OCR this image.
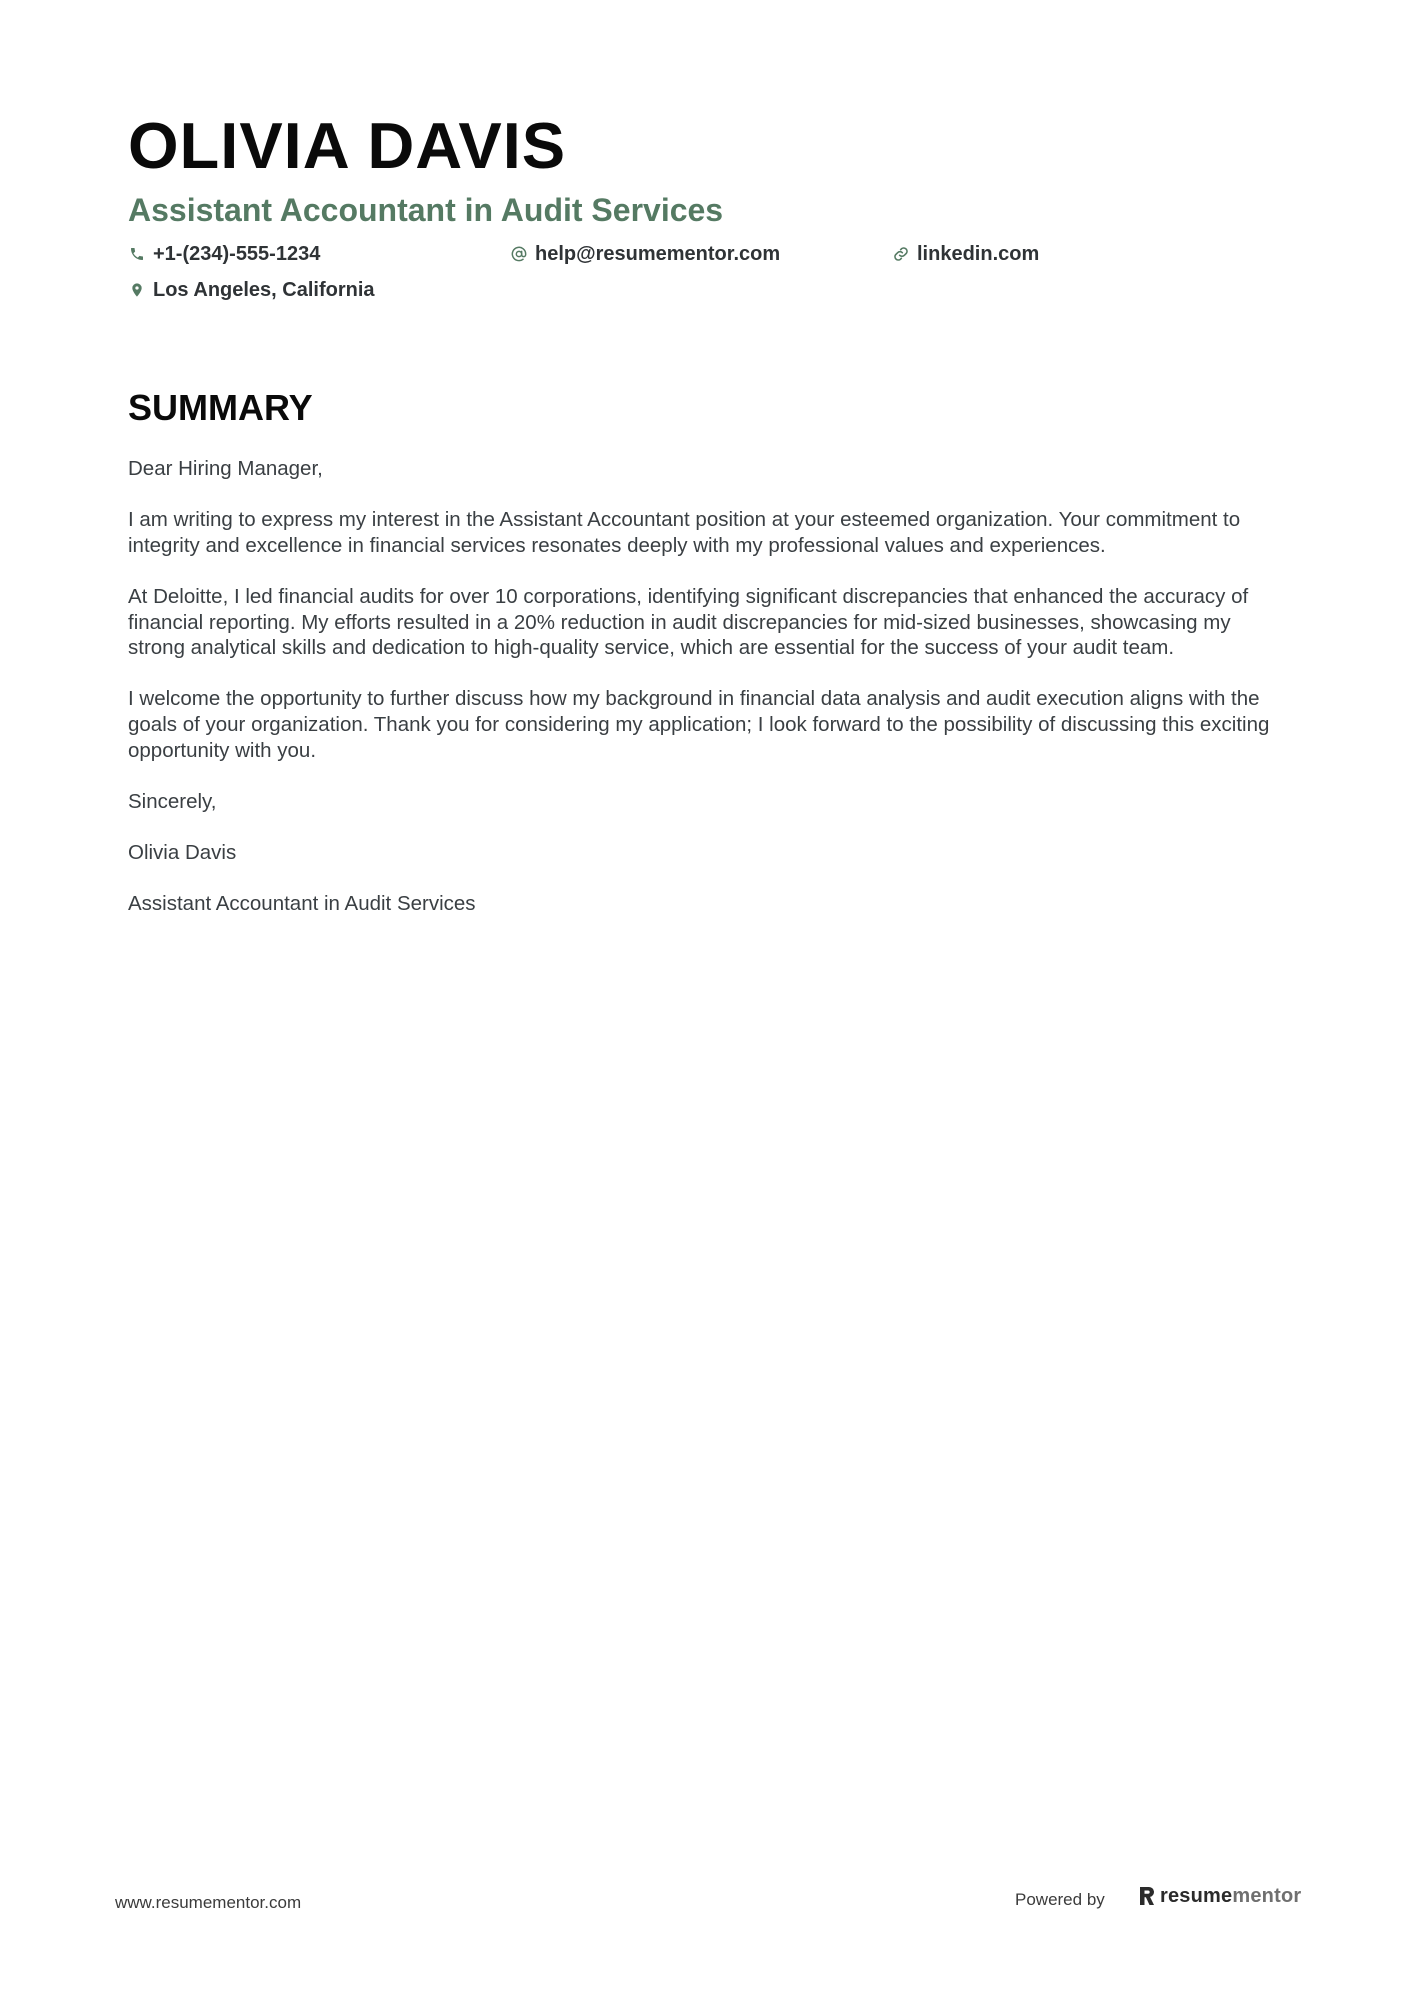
OLIVIA DAVIS
Assistant Accountant in Audit Services
+1-(234)-555-1234	help@resumementor.com	linkedin.com
Los Angeles, California
SUMMARY

Dear Hiring Manager,

I am writing to express my interest in the Assistant Accountant position at your esteemed organization. Your commitment to integrity and excellence in financial services resonates deeply with my professional values and experiences.

At Deloitte, I led financial audits for over 10 corporations, identifying significant discrepancies that enhanced the accuracy of financial reporting. My efforts resulted in a 20% reduction in audit discrepancies for mid-sized businesses, showcasing my strong analytical skills and dedication to high-quality service, which are essential for the success of your audit team.

I welcome the opportunity to further discuss how my background in financial data analysis and audit execution aligns with the goals of your organization. Thank you for considering my application; I look forward to the possibility of discussing this exciting opportunity with you.

Sincerely,

Olivia Davis

Assistant Accountant in Audit Services

www.resumementor.com	Powered by	resumementor
